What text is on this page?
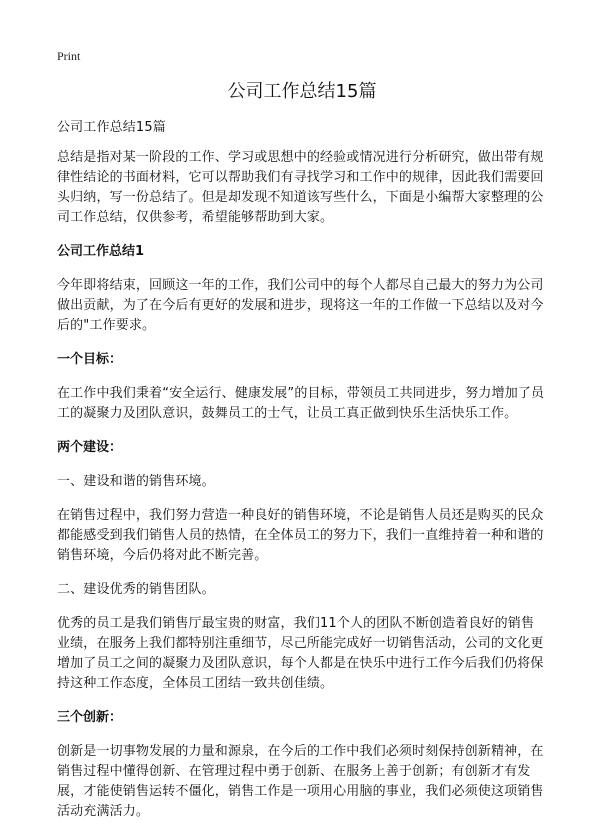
Print
公司工作总结15篇

公司工作总结15篇

总结是指对某一阶段的工作、学习或思想中的经验或情况进行分析研究，做出带有规律性结论的书面材料，它可以帮助我们有寻找学习和工作中的规律，因此我们需要回头归纳，写一份总结了。但是却发现不知道该写些什么，下面是小编帮大家整理的公司工作总结，仅供参考，希望能够帮助到大家。

公司工作总结1

今年即将结束，回顾这一年的工作，我们公司中的每个人都尽自己最大的努力为公司做出贡献，为了在今后有更好的发展和进步，现将这一年的工作做一下总结以及对今后的"工作要求。

一个目标：

在工作中我们秉着“安全运行、健康发展”的目标，带领员工共同进步，努力增加了员工的凝聚力及团队意识，鼓舞员工的士气，让员工真正做到快乐生活快乐工作。

两个建设：

一、建设和谐的销售环境。

在销售过程中，我们努力营造一种良好的销售环境，不论是销售人员还是购买的民众都能感受到我们销售人员的热情，在全体员工的努力下，我们一直维持着一种和谐的销售环境，今后仍将对此不断完善。

二、建设优秀的销售团队。

优秀的员工是我们销售厅最宝贵的财富，我们11个人的团队不断创造着良好的销售业绩，在服务上我们都特别注重细节，尽己所能完成好一切销售活动，公司的文化更增加了员工之间的凝聚力及团队意识，每个人都是在快乐中进行工作今后我们仍将保持这种工作态度，全体员工团结一致共创佳绩。

三个创新：

创新是一切事物发展的力量和源泉，在今后的工作中我们必须时刻保持创新精神，在销售过程中懂得创新、在管理过程中勇于创新、在服务上善于创新；有创新才有发展，才能使销售运转不僵化，销售工作是一项用心用脑的事业，我们必须使这项销售活动充满活力。
